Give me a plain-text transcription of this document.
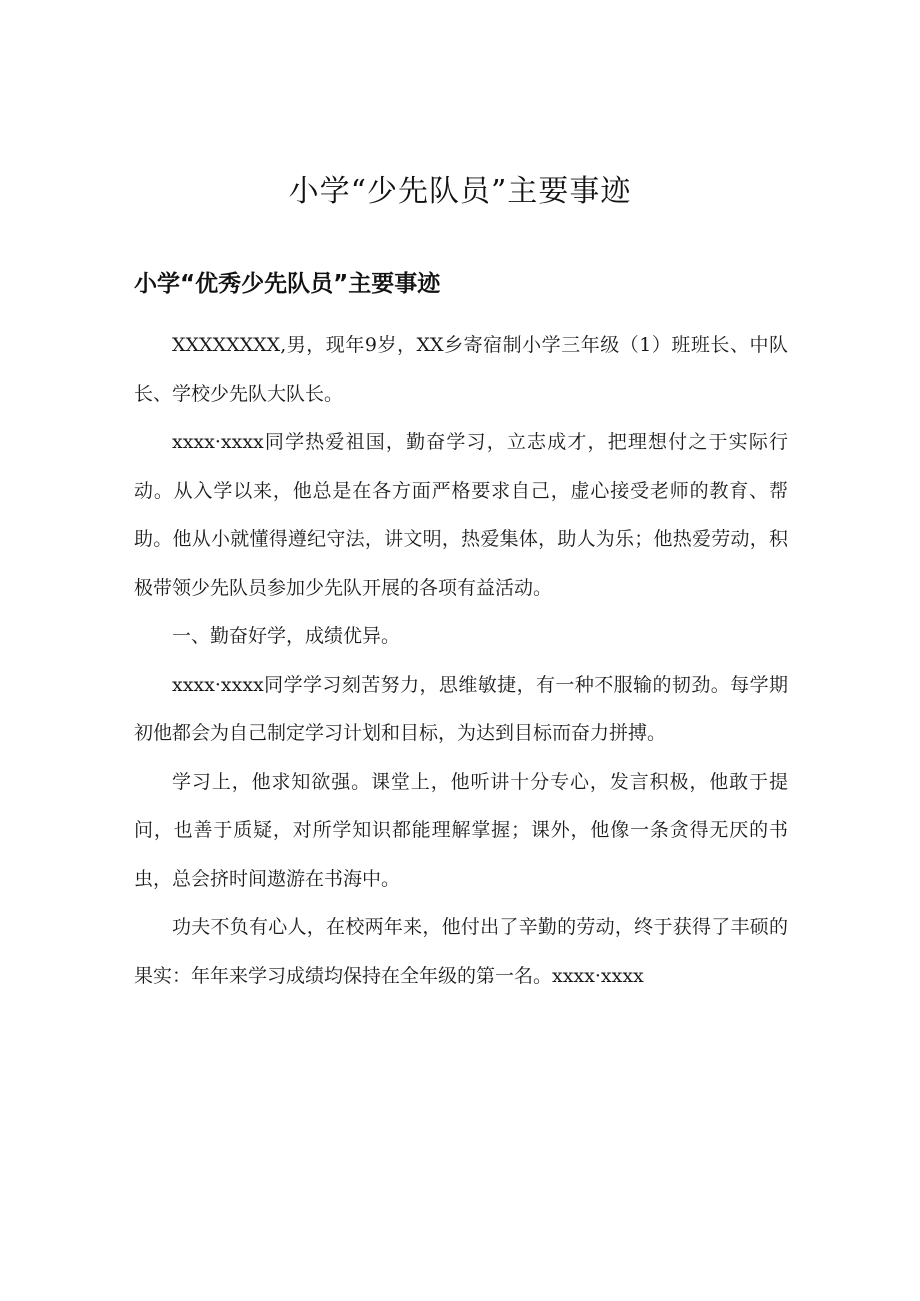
小学“少先队员”主要事迹
小学“优秀少先队员”主要事迹

XXXXXXXX,男，现年9岁，XX乡寄宿制小学三年级（1）班班长、中队长、学校少先队大队长。

xxxx·xxxx同学热爱祖国，勤奋学习，立志成才，把理想付之于实际行动。从入学以来，他总是在各方面严格要求自己，虚心接受老师的教育、帮助。他从小就懂得遵纪守法，讲文明，热爱集体，助人为乐；他热爱劳动，积极带领少先队员参加少先队开展的各项有益活动。

一、勤奋好学，成绩优异。

xxxx·xxxx同学学习刻苦努力，思维敏捷，有一种不服输的韧劲。每学期初他都会为自己制定学习计划和目标，为达到目标而奋力拼搏。

学习上，他求知欲强。课堂上，他听讲十分专心，发言积极，他敢于提问，也善于质疑，对所学知识都能理解掌握；课外，他像一条贪得无厌的书虫，总会挤时间遨游在书海中。

功夫不负有心人，在校两年来，他付出了辛勤的劳动，终于获得了丰硕的果实：年年来学习成绩均保持在全年级的第一名。xxxx·xxxx
